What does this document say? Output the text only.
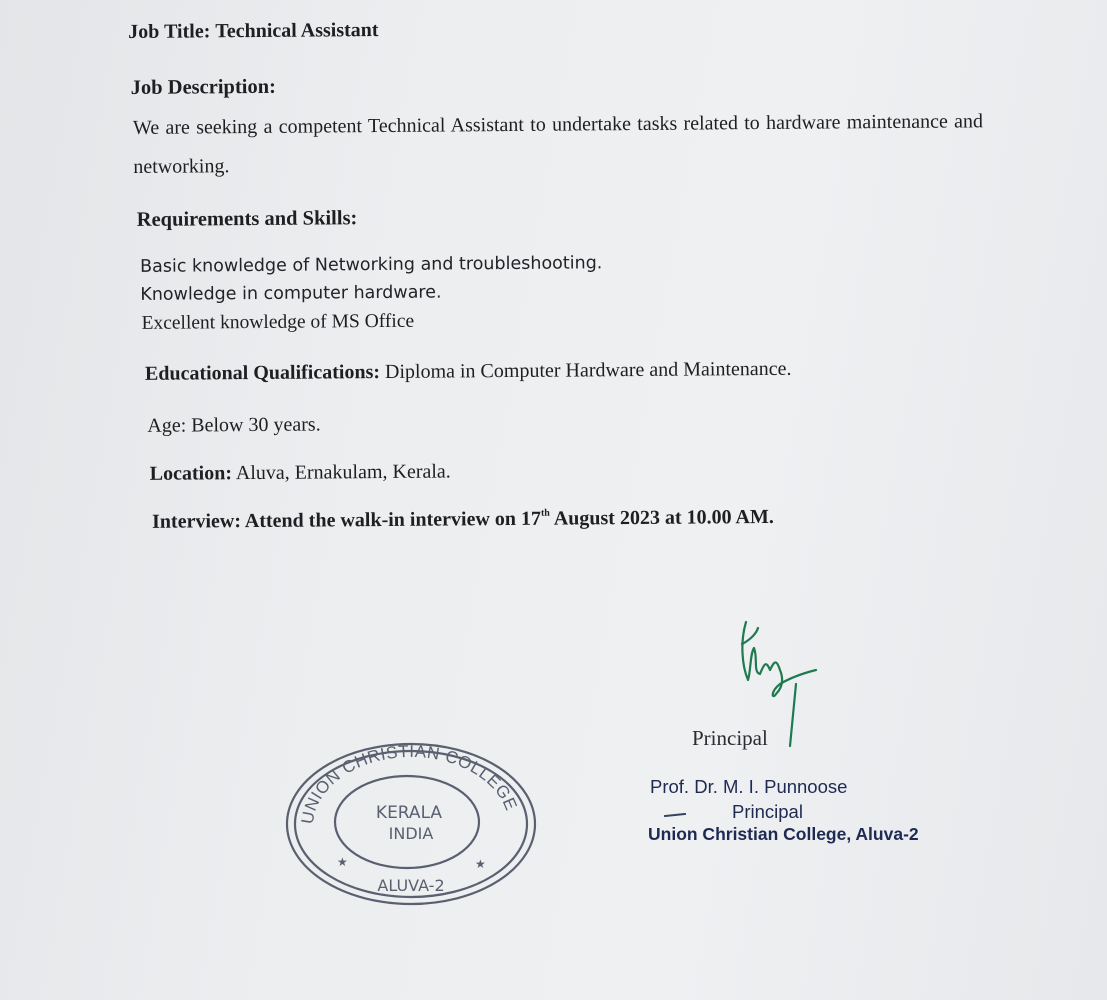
Job Title: Technical Assistant
Job Description:
We are seeking a competent Technical Assistant to undertake tasks related to hardware maintenance and networking.
Requirements and Skills:
Basic knowledge of Networking and troubleshooting.
Knowledge in computer hardware.
Excellent knowledge of MS Office
Educational Qualifications: Diploma in Computer Hardware and Maintenance.
Age: Below 30 years.
Location: Aluva, Ernakulam, Kerala.
Interview: Attend the walk-in interview on 17th August 2023 at 10.00 AM.
Principal
Prof. Dr. M. I. Punnoose
Principal
Union Christian College, Aluva-2
UNION CHRISTIAN COLLEGE
KERALA
INDIA
ALUVA-2
★	★
